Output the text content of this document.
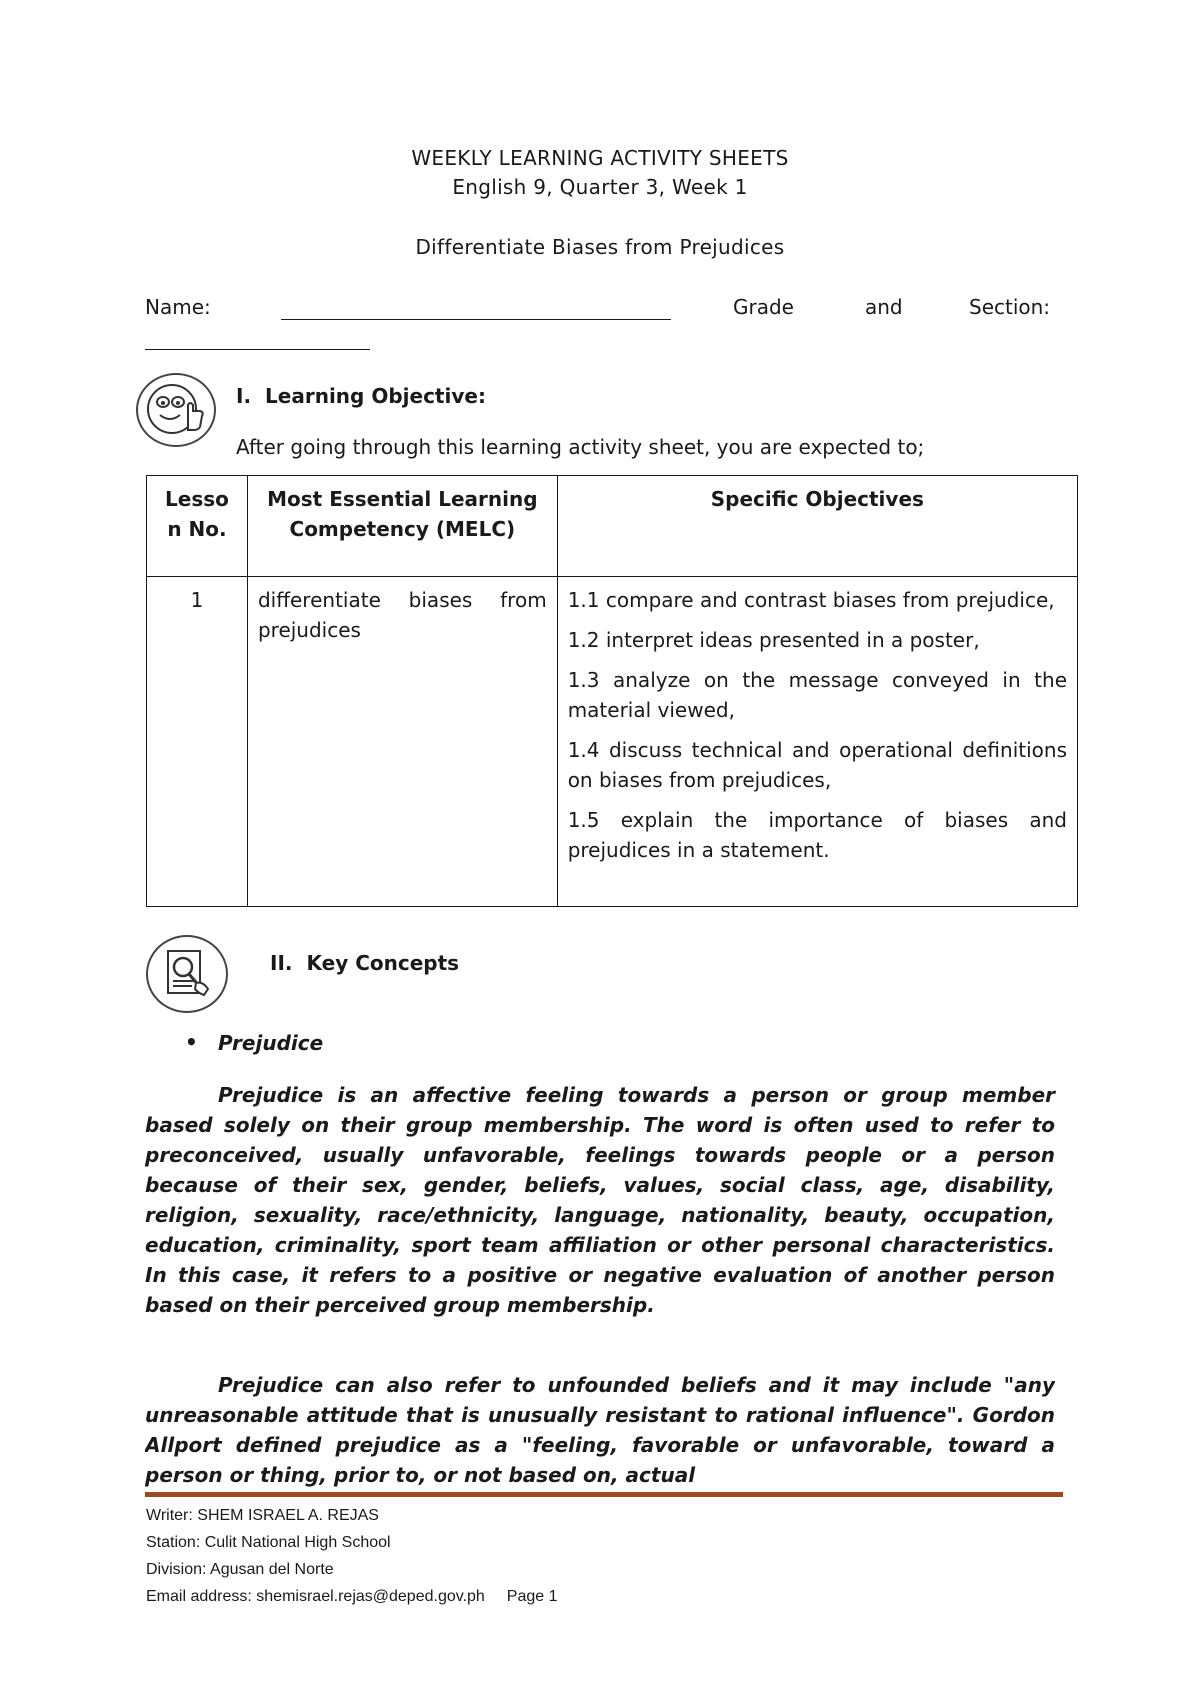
WEEKLY LEARNING ACTIVITY SHEETS
English 9, Quarter 3, Week 1
Differentiate Biases from Prejudices
Name:	Grade	and	Section:
I. Learning Objective:
After going through this learning activity sheet, you are expected to;
Lesso
n No.	Most Essential Learning Competency (MELC)	Specific Objectives
1	differentiate biases from prejudices	1.1 compare and contrast biases from prejudice,
1.2 interpret ideas presented in a poster,
1.3 analyze on the message conveyed in the material viewed,
1.4 discuss technical and operational definitions on biases from prejudices,
1.5 explain the importance of biases and prejudices in a statement.
II. Key Concepts
• Prejudice
Prejudice is an affective feeling towards a person or group member based solely on their group membership. The word is often used to refer to preconceived, usually unfavorable, feelings towards people or a person because of their sex, gender, beliefs, values, social class, age, disability, religion, sexuality, race/ethnicity, language, nationality, beauty, occupation, education, criminality, sport team affiliation or other personal characteristics. In this case, it refers to a positive or negative evaluation of another person based on their perceived group membership.
Prejudice can also refer to unfounded beliefs and it may include "any unreasonable attitude that is unusually resistant to rational influence". Gordon Allport defined prejudice as a "feeling, favorable or unfavorable, toward a person or thing, prior to, or not based on, actual
Writer: SHEM ISRAEL A. REJAS
Station: Culit National High School
Division: Agusan del Norte
Email address: shemisrael.rejas@deped.gov.ph Page 1
